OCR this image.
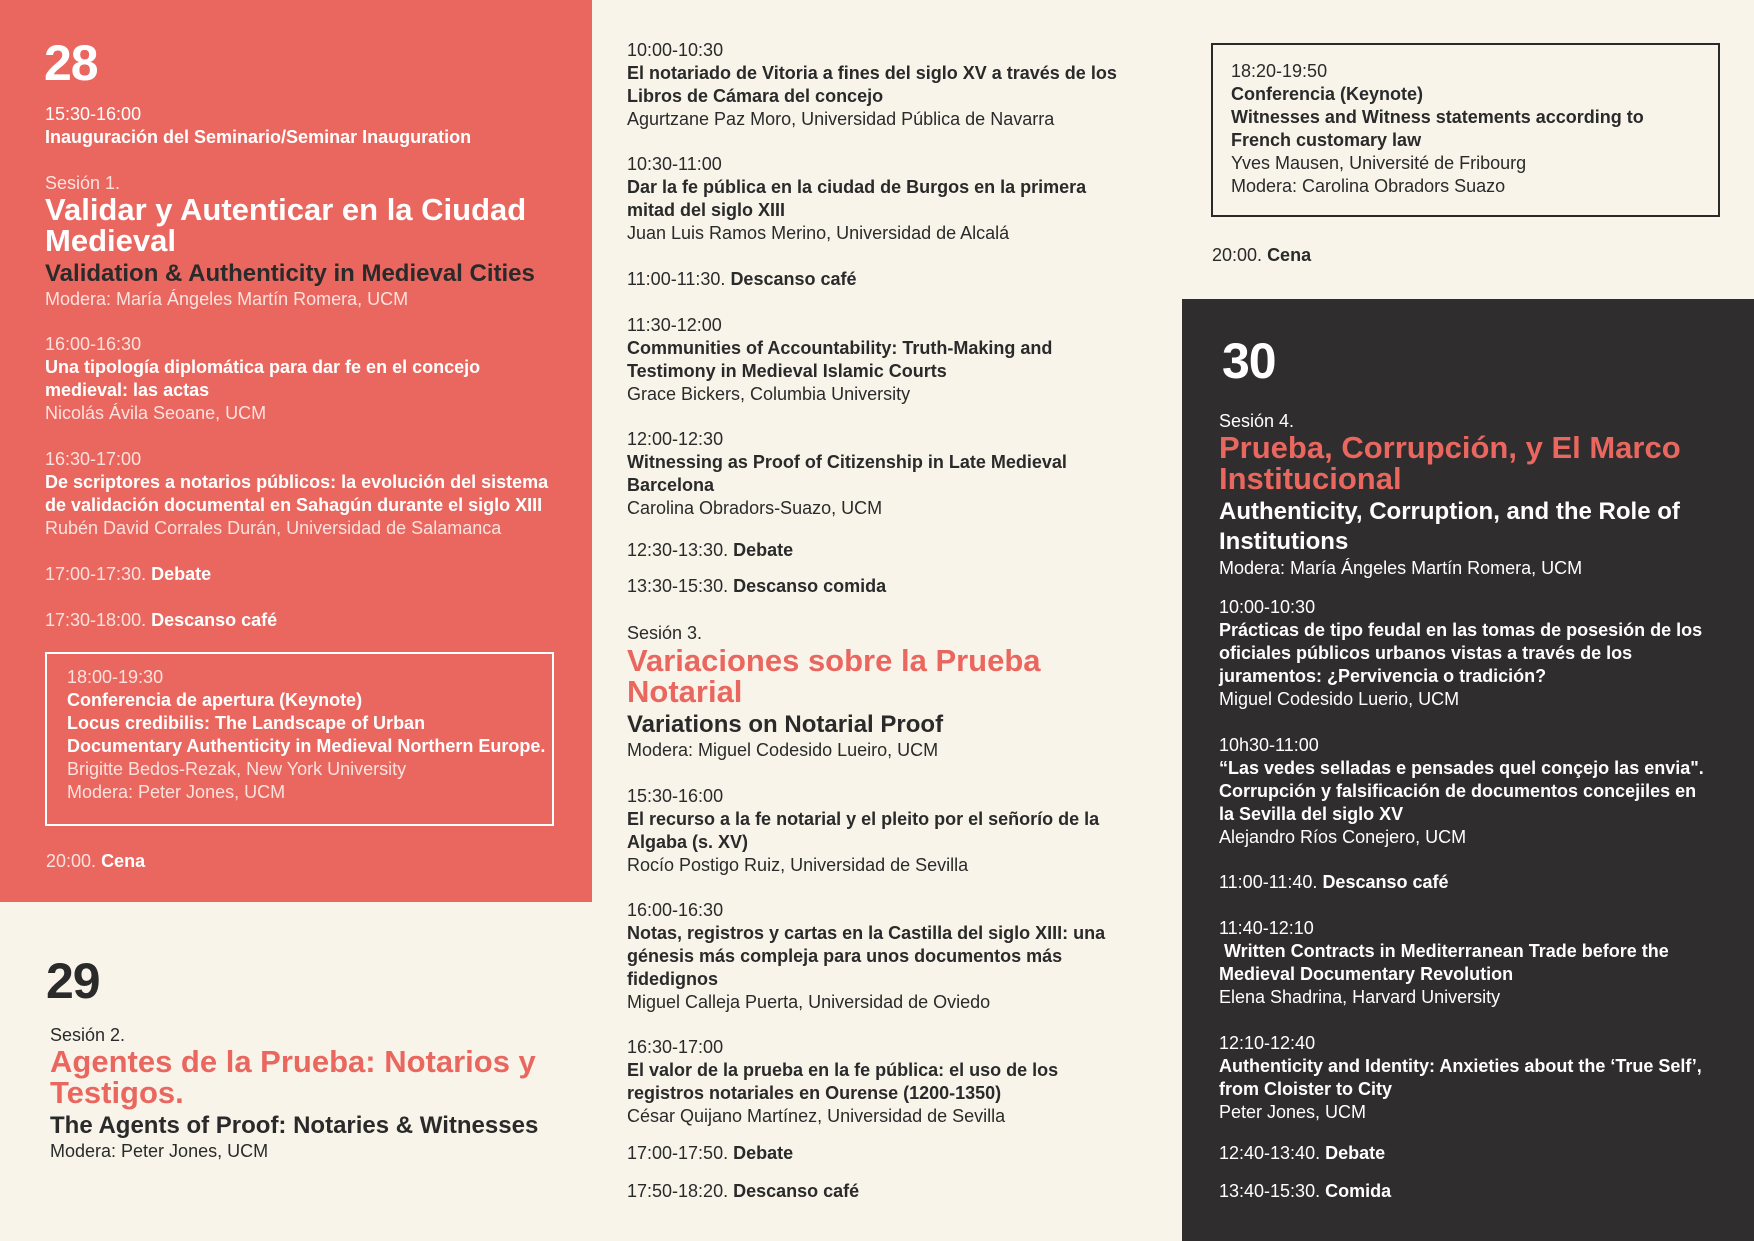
28
15:30-16:00
Inauguración del Seminario/Seminar Inauguration
Sesión 1.
Validar y Autenticar en la Ciudad
Medieval
Validation & Authenticity in Medieval Cities
Modera: María Ángeles Martín Romera, UCM
16:00-16:30
Una tipología diplomática para dar fe en el concejo
medieval: las actas
Nicolás Ávila Seoane, UCM
16:30-17:00
De scriptores a notarios públicos: la evolución del sistema
de validación documental en Sahagún durante el siglo XIII
Rubén David Corrales Durán, Universidad de Salamanca
17:00-17:30. Debate
17:30-18:00. Descanso café
18:00-19:30
Conferencia de apertura (Keynote)
Locus credibilis: The Landscape of Urban
Documentary Authenticity in Medieval Northern Europe.
Brigitte Bedos-Rezak, New York University
Modera: Peter Jones, UCM
20:00. Cena
29
Sesión 2.
Agentes de la Prueba: Notarios y
Testigos.
The Agents of Proof: Notaries & Witnesses
Modera: Peter Jones, UCM
10:00-10:30
El notariado de Vitoria a fines del siglo XV a través de los
Libros de Cámara del concejo
Agurtzane Paz Moro, Universidad Pública de Navarra
10:30-11:00
Dar la fe pública en la ciudad de Burgos en la primera
mitad del siglo XIII
Juan Luis Ramos Merino, Universidad de Alcalá
11:00-11:30. Descanso café
11:30-12:00
Communities of Accountability: Truth-Making and
Testimony in Medieval Islamic Courts
Grace Bickers, Columbia University
12:00-12:30
Witnessing as Proof of Citizenship in Late Medieval
Barcelona
Carolina Obradors-Suazo, UCM
12:30-13:30. Debate
13:30-15:30. Descanso comida
Sesión 3.
Variaciones sobre la Prueba
Notarial
Variations on Notarial Proof
Modera: Miguel Codesido Lueiro, UCM
15:30-16:00
El recurso a la fe notarial y el pleito por el señorío de la
Algaba (s. XV)
Rocío Postigo Ruiz, Universidad de Sevilla
16:00-16:30
Notas, registros y cartas en la Castilla del siglo XIII: una
génesis más compleja para unos documentos más
fidedignos
Miguel Calleja Puerta, Universidad de Oviedo
16:30-17:00
El valor de la prueba en la fe pública: el uso de los
registros notariales en Ourense (1200-1350)
César Quijano Martínez, Universidad de Sevilla
17:00-17:50. Debate
17:50-18:20. Descanso café
18:20-19:50
Conferencia (Keynote)
Witnesses and Witness statements according to
French customary law
Yves Mausen, Université de Fribourg
Modera: Carolina Obradors Suazo
20:00. Cena
30
Sesión 4.
Prueba, Corrupción, y El Marco
Institucional
Authenticity, Corruption, and the Role of
Institutions
Modera: María Ángeles Martín Romera, UCM
10:00-10:30
Prácticas de tipo feudal en las tomas de posesión de los
oficiales públicos urbanos vistas a través de los
juramentos: ¿Pervivencia o tradición?
Miguel Codesido Luerio, UCM
10h30-11:00
“Las vedes selladas e pensades quel conçejo las envia".
Corrupción y falsificación de documentos concejiles en
la Sevilla del siglo XV
Alejandro Ríos Conejero, UCM
11:00-11:40. Descanso café
11:40-12:10
Written Contracts in Mediterranean Trade before the
Medieval Documentary Revolution
Elena Shadrina, Harvard University
12:10-12:40
Authenticity and Identity: Anxieties about the ‘True Self’,
from Cloister to City
Peter Jones, UCM
12:40-13:40. Debate
13:40-15:30. Comida
